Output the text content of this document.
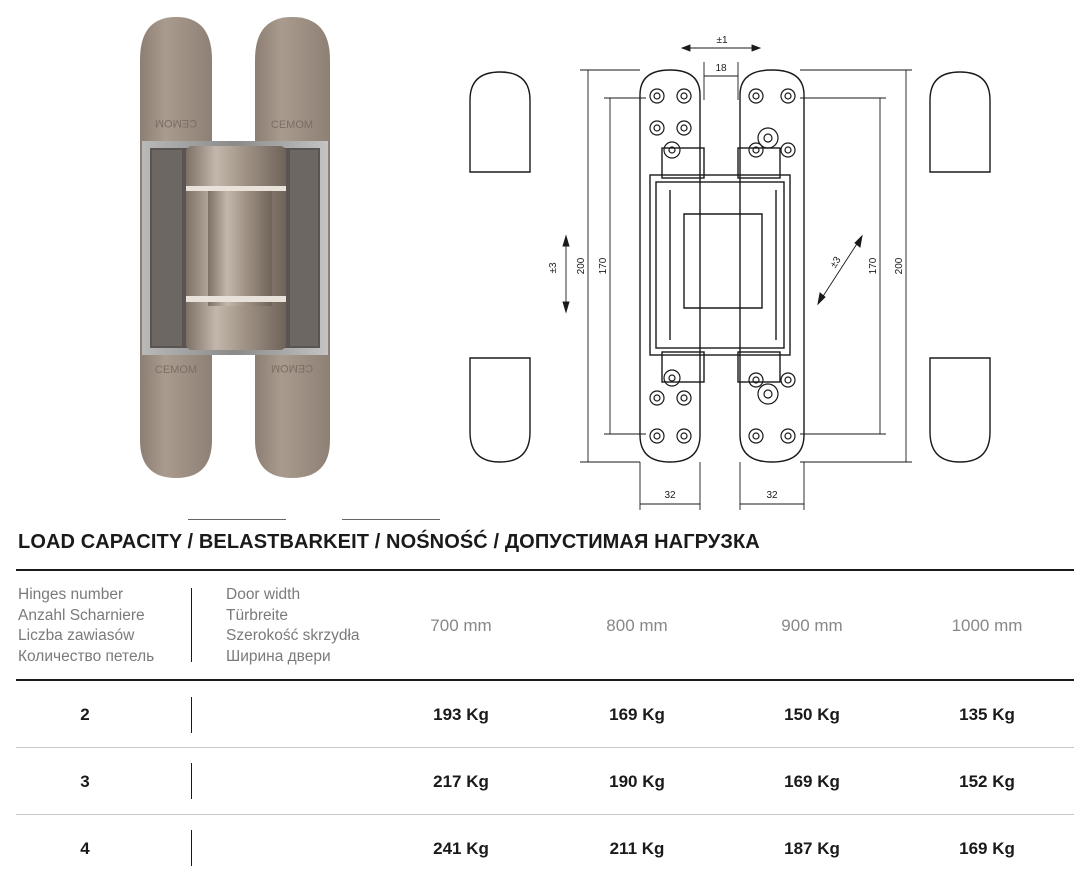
CEMOM	CEMOM
CEMOM	CEMOM
±1
18
±3 200 170	±3 170 200
32	32
LOAD CAPACITY / BELASTBARKEIT / NOŚNOŚĆ / ДОПУСТИМАЯ НАГРУЗКА
Hinges number
Anzahl Scharniere
Liczba zawiasów
Количество петель
Door width
Türbreite
Szerokość skrzydła
Ширина двери
700 mm	800 mm	900 mm	1000 mm
2	193 Kg	169 Kg	150 Kg	135 Kg
3	217 Kg	190 Kg	169 Kg	152 Kg
4	241 Kg	211 Kg	187 Kg	169 Kg
